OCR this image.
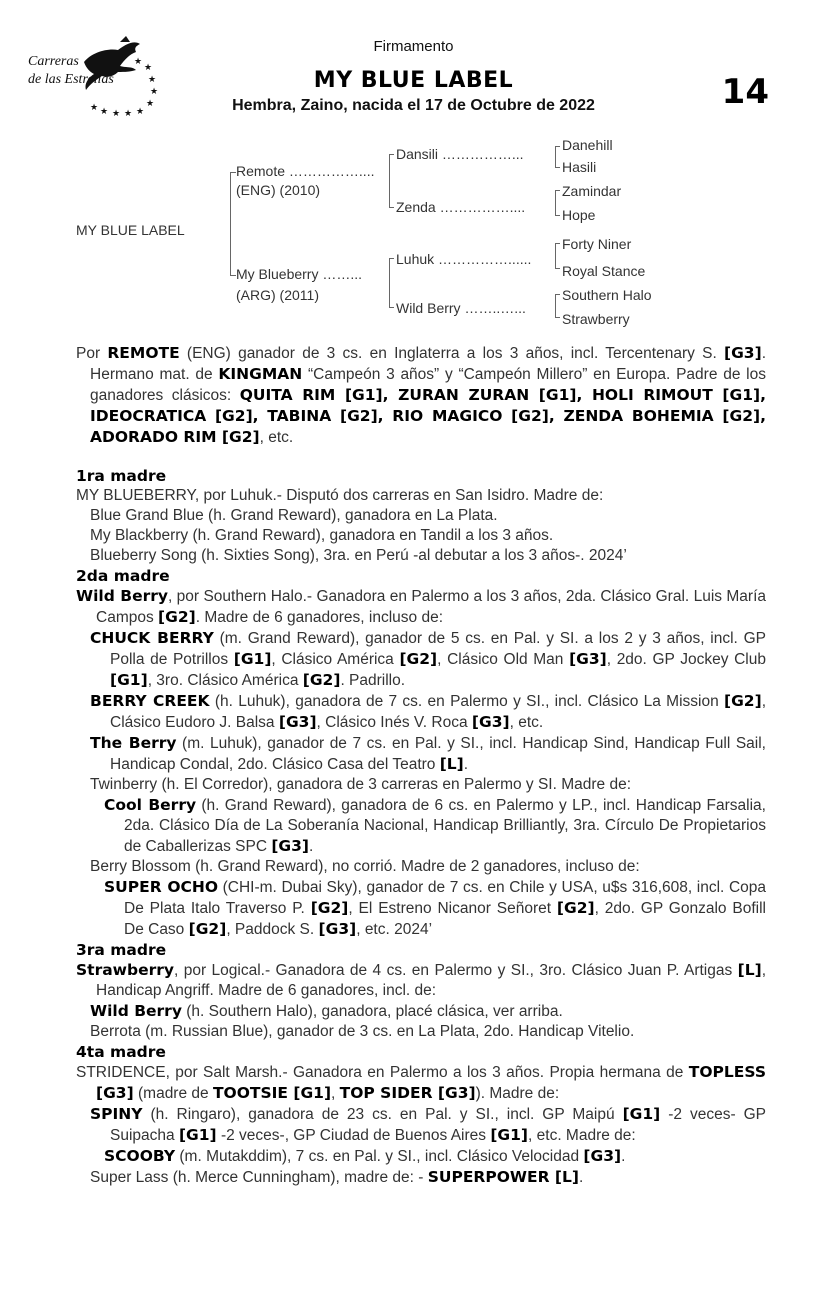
★
★
★
★
★
★
★
★
★
★
Carreras
de las Estrellas
Firmamento
MY BLUE LABEL
Hembra, Zaino, nacida el 17 de Octubre de 2022	14
MY BLUE LABEL
Remote ……………....
(ENG) (2010)
My Blueberry ……...
(ARG) (2011)
Dansili ……………...
Zenda ……………....
Luhuk ……………......
Wild Berry ……..…...
Danehill
Hasili
Zamindar
Hope
Forty Niner
Royal Stance
Southern Halo
Strawberry

Por REMOTE (ENG) ganador de 3 cs. en Inglaterra a los 3 años, incl. Tercentenary S. [G3]. Hermano mat. de KINGMAN “Campeón 3 años” y “Campeón Millero” en Europa. Padre de los ganadores clásicos: QUITA RIM [G1], ZURAN ZURAN [G1], HOLI RIMOUT [G1], IDEOCRATICA [G2], TABINA [G2], RIO MAGICO [G2], ZENDA BOHEMIA [G2], ADORADO RIM [G2], etc.

1ra madre

MY BLUEBERRY, por Luhuk.- Disputó dos carreras en San Isidro. Madre de:

Blue Grand Blue (h. Grand Reward), ganadora en La Plata.

My Blackberry (h. Grand Reward), ganadora en Tandil a los 3 años.

Blueberry Song (h. Sixties Song), 3ra. en Perú -al debutar a los 3 años-. 2024’

2da madre

Wild Berry, por Southern Halo.- Ganadora en Palermo a los 3 años, 2da. Clásico Gral. Luis María Campos [G2]. Madre de 6 ganadores, incluso de:

CHUCK BERRY (m. Grand Reward), ganador de 5 cs. en Pal. y SI. a los 2 y 3 años, incl. GP Polla de Potrillos [G1], Clásico América [G2], Clásico Old Man [G3], 2do. GP Jockey Club [G1], 3ro. Clásico América [G2]. Padrillo.

BERRY CREEK (h. Luhuk), ganadora de 7 cs. en Palermo y SI., incl. Clásico La Mission [G2], Clásico Eudoro J. Balsa [G3], Clásico Inés V. Roca [G3], etc.

The Berry (m. Luhuk), ganador de 7 cs. en Pal. y SI., incl. Handicap Sind, Handicap Full Sail, Handicap Condal, 2do. Clásico Casa del Teatro [L].

Twinberry (h. El Corredor), ganadora de 3 carreras en Palermo y SI. Madre de:

Cool Berry (h. Grand Reward), ganadora de 6 cs. en Palermo y LP., incl. Handicap Farsalia, 2da. Clásico Día de La Soberanía Nacional, Handicap Brilliantly, 3ra. Círculo De Propietarios de Caballerizas SPC [G3].

Berry Blossom (h. Grand Reward), no corrió. Madre de 2 ganadores, incluso de:

SUPER OCHO (CHI-m. Dubai Sky), ganador de 7 cs. en Chile y USA, u$s 316,608, incl. Copa De Plata Italo Traverso P. [G2], El Estreno Nicanor Señoret [G2], 2do. GP Gonzalo Bofill De Caso [G2], Paddock S. [G3], etc. 2024’

3ra madre

Strawberry, por Logical.- Ganadora de 4 cs. en Palermo y SI., 3ro. Clásico Juan P. Artigas [L], Handicap Angriff. Madre de 6 ganadores, incl. de:

Wild Berry (h. Southern Halo), ganadora, placé clásica, ver arriba.

Berrota (m. Russian Blue), ganador de 3 cs. en La Plata, 2do. Handicap Vitelio.

4ta madre

STRIDENCE, por Salt Marsh.- Ganadora en Palermo a los 3 años. Propia hermana de TOPLESS [G3] (madre de TOOTSIE [G1], TOP SIDER [G3]). Madre de:

SPINY (h. Ringaro), ganadora de 23 cs. en Pal. y SI., incl. GP Maipú [G1] -2 veces- GP Suipacha [G1] -2 veces-, GP Ciudad de Buenos Aires [G1], etc. Madre de:

SCOOBY (m. Mutakddim), 7 cs. en Pal. y SI., incl. Clásico Velocidad [G3].

Super Lass (h. Merce Cunningham), madre de: - SUPERPOWER [L].
